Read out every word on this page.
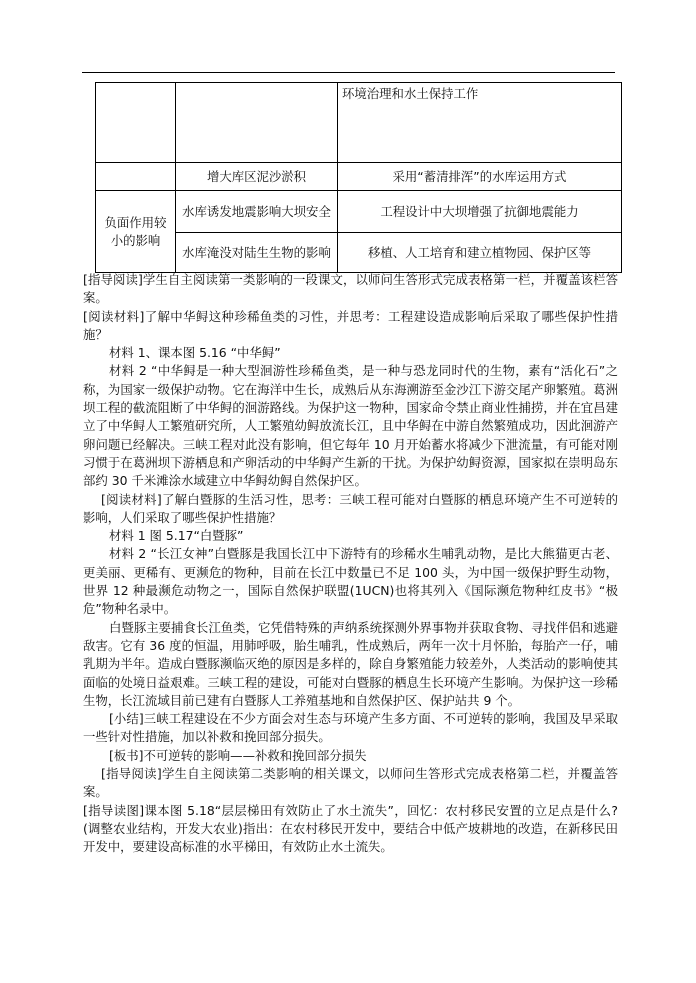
		环境治理和水土保持工作
	增大库区泥沙淤积	采用“蓄清排浑”的水库运用方式
负面作用较小的影响	水库诱发地震影响大坝安全	工程设计中大坝增强了抗御地震能力
	水库淹没对陆生生物的影响	移植、人工培育和建立植物园、保护区等

[指导阅读]学生自主阅读第一类影响的一段课文，以师问生答形式完成表格第一栏，并覆盖该栏答案。

[阅读材料]了解中华鲟这种珍稀鱼类的习性，并思考：工程建设造成影响后采取了哪些保护性措施？

材料 1、课本图 5.16 “中华鲟”

材料 2 “中华鲟是一种大型洄游性珍稀鱼类，是一种与恐龙同时代的生物，素有“活化石”之称，为国家一级保护动物。它在海洋中生长，成熟后从东海溯游至金沙江下游交尾产卵繁殖。葛洲坝工程的截流阻断了中华鲟的洄游路线。为保护这一物种，国家命令禁止商业性捕捞，并在宜昌建立了中华鲟人工繁殖研究所，人工繁殖幼鲟放流长江，且中华鲟在中游自然繁殖成功，因此洄游产卵问题已经解决。三峡工程对此没有影响，但它每年 10 月开始蓄水将减少下泄流量，有可能对刚习惯于在葛洲坝下游栖息和产卵活动的中华鲟产生新的干扰。为保护幼鲟资源，国家拟在崇明岛东部约 30 千米滩涂水域建立中华鲟幼鲟自然保护区。

[阅读材料]了解白暨豚的生活习性，思考：三峡工程可能对白暨豚的栖息环境产生不可逆转的影响，人们采取了哪些保护性措施？

材料 1 图 5.17“白暨豚”

材料 2 “长江女神”白暨豚是我国长江中下游特有的珍稀水生哺乳动物，是比大熊猫更古老、更美丽、更稀有、更濒危的物种，目前在长江中数量已不足 100 头，为中国一级保护野生动物，世界 12 种最濒危动物之一，国际自然保护联盟(1UCN)也将其列入《国际濒危物种红皮书》“极危”物种名录中。

白暨豚主要捕食长江鱼类，它凭借特殊的声纳系统探测外界事物并获取食物、寻找伴侣和逃避敌害。它有 36 度的恒温，用肺呼吸，胎生哺乳，性成熟后，两年一次十月怀胎，每胎产一仔，哺乳期为半年。造成白暨豚濒临灭绝的原因是多样的，除自身繁殖能力较差外，人类活动的影响使其面临的处境日益艰难。三峡工程的建设，可能对白暨豚的栖息生长环境产生影响。为保护这一珍稀生物，长江流域目前已建有白暨豚人工养殖基地和自然保护区、保护站共 9 个。

[小结]三峡工程建设在不少方面会对生态与环境产生多方面、不可逆转的影响，我国及早采取一些针对性措施，加以补救和挽回部分损失。

[板书]不可逆转的影响——补救和挽回部分损失

[指导阅读]学生自主阅读第二类影响的相关课文，以师问生答形式完成表格第二栏，并覆盖答案。

[指导读图]课本图 5.18“层层梯田有效防止了水土流失”，回忆：农村移民安置的立足点是什么?(调整农业结构，开发大农业)指出：在农村移民开发中，要结合中低产坡耕地的改造，在新移民田开发中，要建设高标准的水平梯田，有效防止水土流失。
